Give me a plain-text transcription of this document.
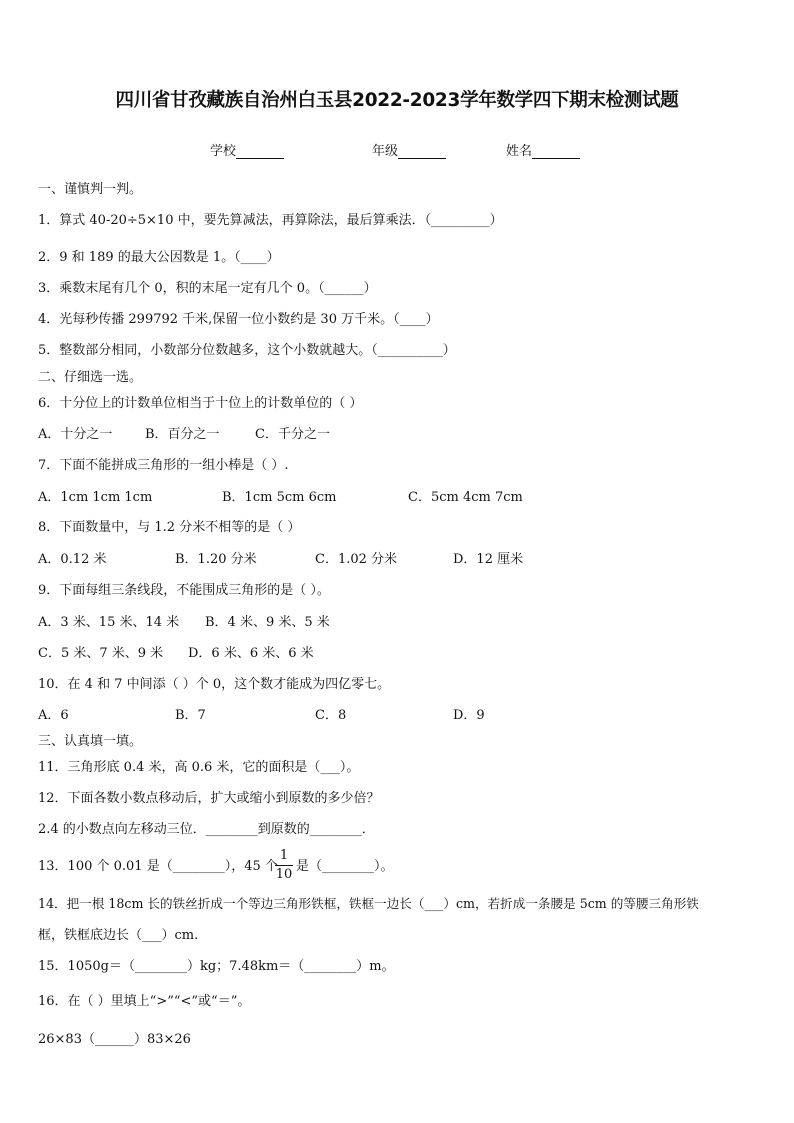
四川省甘孜藏族自治州白玉县2022-2023学年数学四下期末检测试题
学校	年级	姓名
一、谨慎判一判。
1．算式 40-20÷5×10 中，要先算减法，再算除法，最后算乘法．（_________）
2．9 和 189 的最大公因数是 1。（____）
3．乘数末尾有几个 0，积的末尾一定有几个 0。（______）
4．光每秒传播 299792 千米,保留一位小数约是 30 万千米。（____）
5．整数部分相同，小数部分位数越多，这个小数就越大。（__________）
二、仔细选一选。
6．十分位上的计数单位相当于十位上的计数单位的（ ）
A．十分之一	B．百分之一	C．千分之一
7．下面不能拼成三角形的一组小棒是（ ）.
A．1cm 1cm 1cm	B．1cm 5cm 6cm	C．5cm 4cm 7cm
8．下面数量中，与 1.2 分米不相等的是（ ）
A．0.12 米	B．1.20 分米	C．1.02 分米	D．12 厘米
9．下面每组三条线段，不能围成三角形的是（ ）。
A．3 米、15 米、14 米 B．4 米、9 米、5 米
C．5 米、7 米、9 米 D．6 米、6 米、6 米
10．在 4 和 7 中间添（ ）个 0，这个数才能成为四亿零七。
A．6	B．7	C．8	D．9
三、认真填一填。
11．三角形底 0.4 米，高 0.6 米，它的面积是（___）。
12．下面各数小数点移动后，扩大或缩小到原数的多少倍？
2.4 的小数点向左移动三位．________到原数的________．
13．100 个 0.01 是（________），45 个
$\frac{1}{10}$ 是（________）。
14．把一根 18cm 长的铁丝折成一个等边三角形铁框，铁框一边长（___）cm，若折成一条腰是 5cm 的等腰三角形铁
框，铁框底边长（___）cm.
15．1050g＝（________）kg；7.48km＝（________）m。
16．在（ ）里填上“>”“<”或“＝”。
26×83（______）83×26
